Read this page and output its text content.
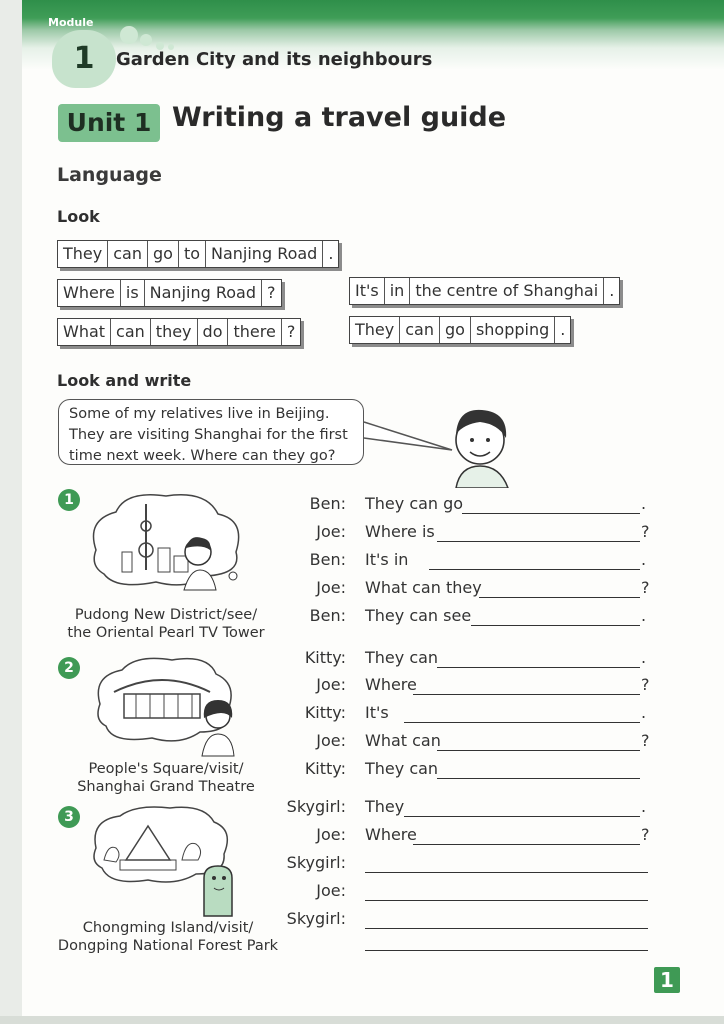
Module
1	Garden City and its neighbours
Unit 1 Writing a travel guide
Language
Look
They can go to Nanjing Road .
Where is Nanjing Road ?	It's in the centre of Shanghai .
What can they do there ?	They can go shopping .
Look and write
Some of my relatives live in Beijing.
They are visiting Shanghai for the first
time next week. Where can they go?
1
Pudong New District/see/
the Oriental Pearl TV Tower
2
People's Square/visit/
Shanghai Grand Theatre
3
Chongming Island/visit/
Dongping National Forest Park
Ben: They can go	.
Joe: Where is	?
Ben: It's in	.
Joe: What can they	?
Ben: They can see	.
Kitty: They can	.
Joe: Where	?
Kitty: It's	.
Joe: What can	?
Kitty: They can
Skygirl: They	.
Joe: Where	?
Skygirl:
Joe:
Skygirl:
1
